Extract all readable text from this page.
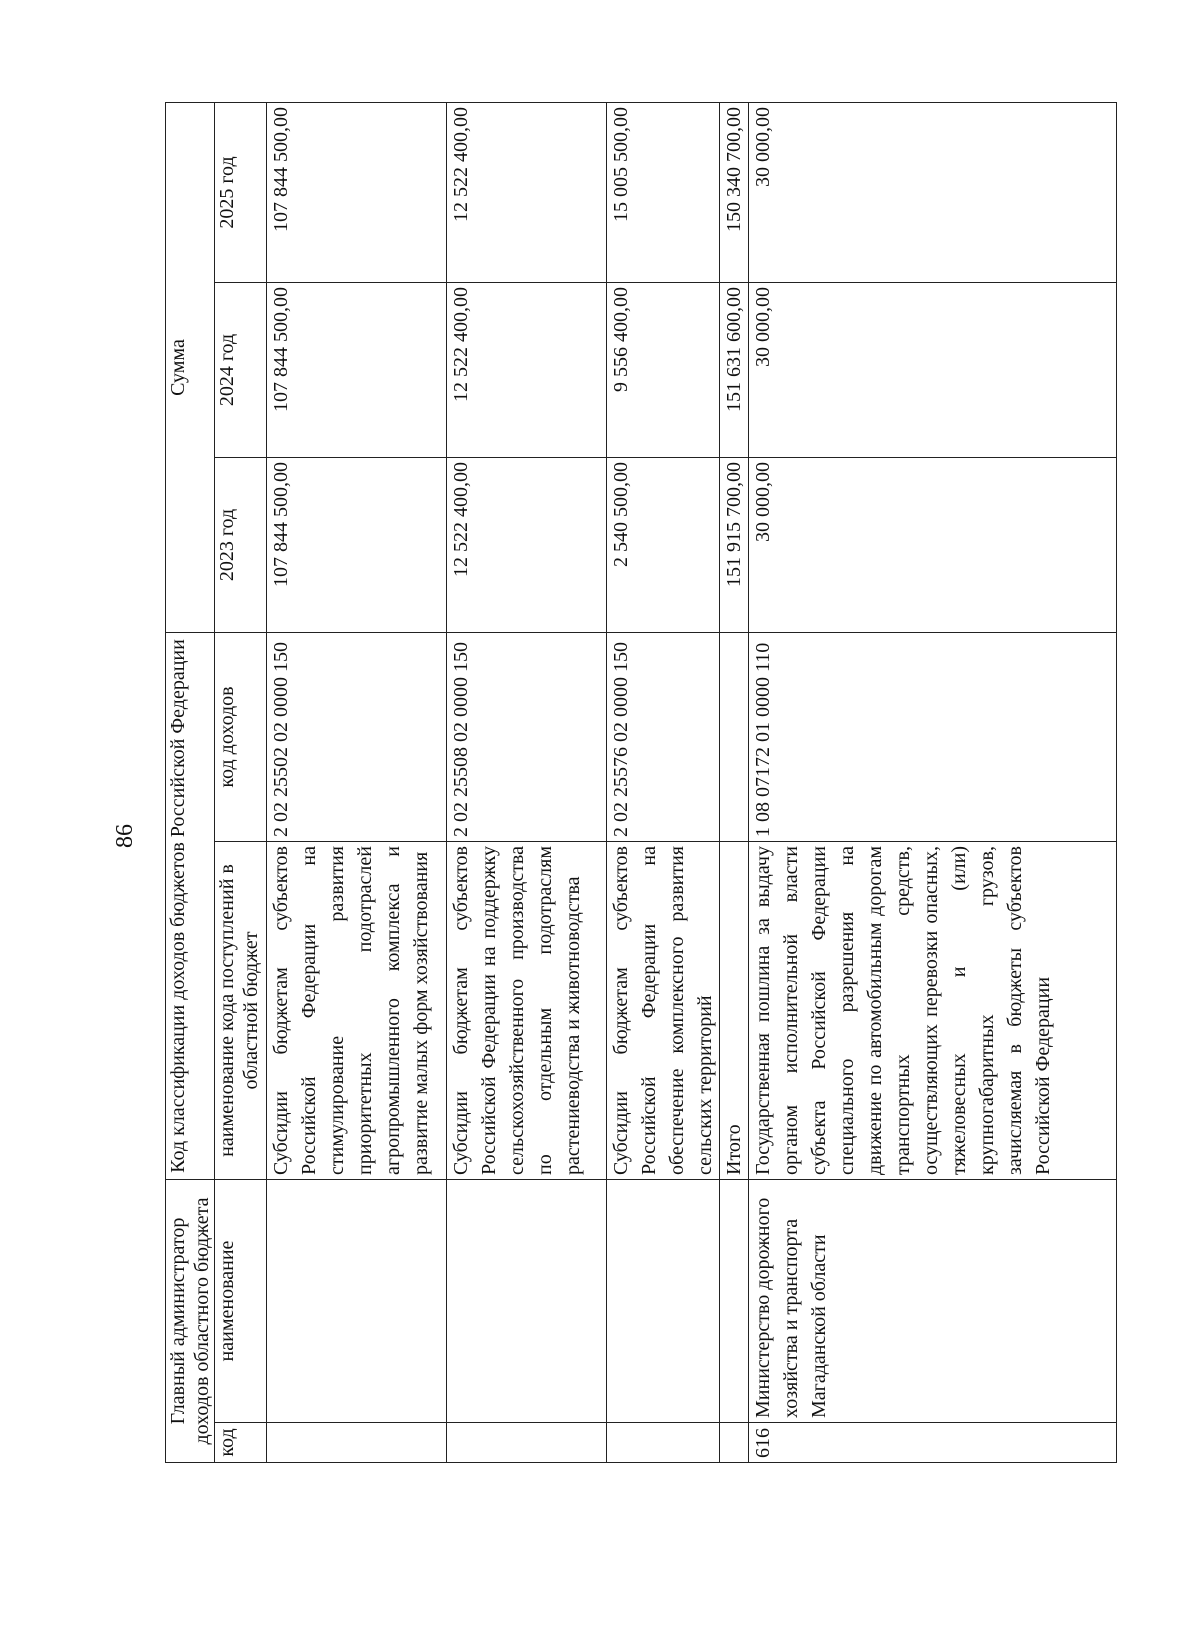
86
Главный администратор доходов областного бюджета		Код классификации доходов бюджетов Российской Федерации		Сумма		
код	наименование	наименование кода поступлений в областной бюджет	код доходов	2023 год	2024 год	2025 год
		Субсидии бюджетам субъектов Российской Федерации на стимулирование развития приоритетных подотраслей агропромышленного комплекса и развитие малых форм хозяйствования	2 02 25502 02 0000 150	107 844 500,00	107 844 500,00	107 844 500,00
		Субсидии бюджетам субъектов Российской Федерации на поддержку сельскохозяйственного производства по отдельным подотраслям растениеводства и животноводства	2 02 25508 02 0000 150	12 522 400,00	12 522 400,00	12 522 400,00
		Субсидии бюджетам субъектов Российской Федерации на обеспечение комплексного развития сельских территорий	2 02 25576 02 0000 150	2 540 500,00	9 556 400,00	15 005 500,00
		Итого		151 915 700,00	151 631 600,00	150 340 700,00
616	Министерство дорожного хозяйства и транспорта Магаданской области	Государственная пошлина за выдачу органом исполнительной власти субъекта Российской Федерации специального разрешения на движение по автомобильным дорогам транспортных средств, осуществляющих перевозки опасных, тяжеловесных и (или) крупногабаритных грузов, зачисляемая в бюджеты субъектов Российской Федерации	1 08 07172 01 0000 110	30 000,00	30 000,00	30 000,00
